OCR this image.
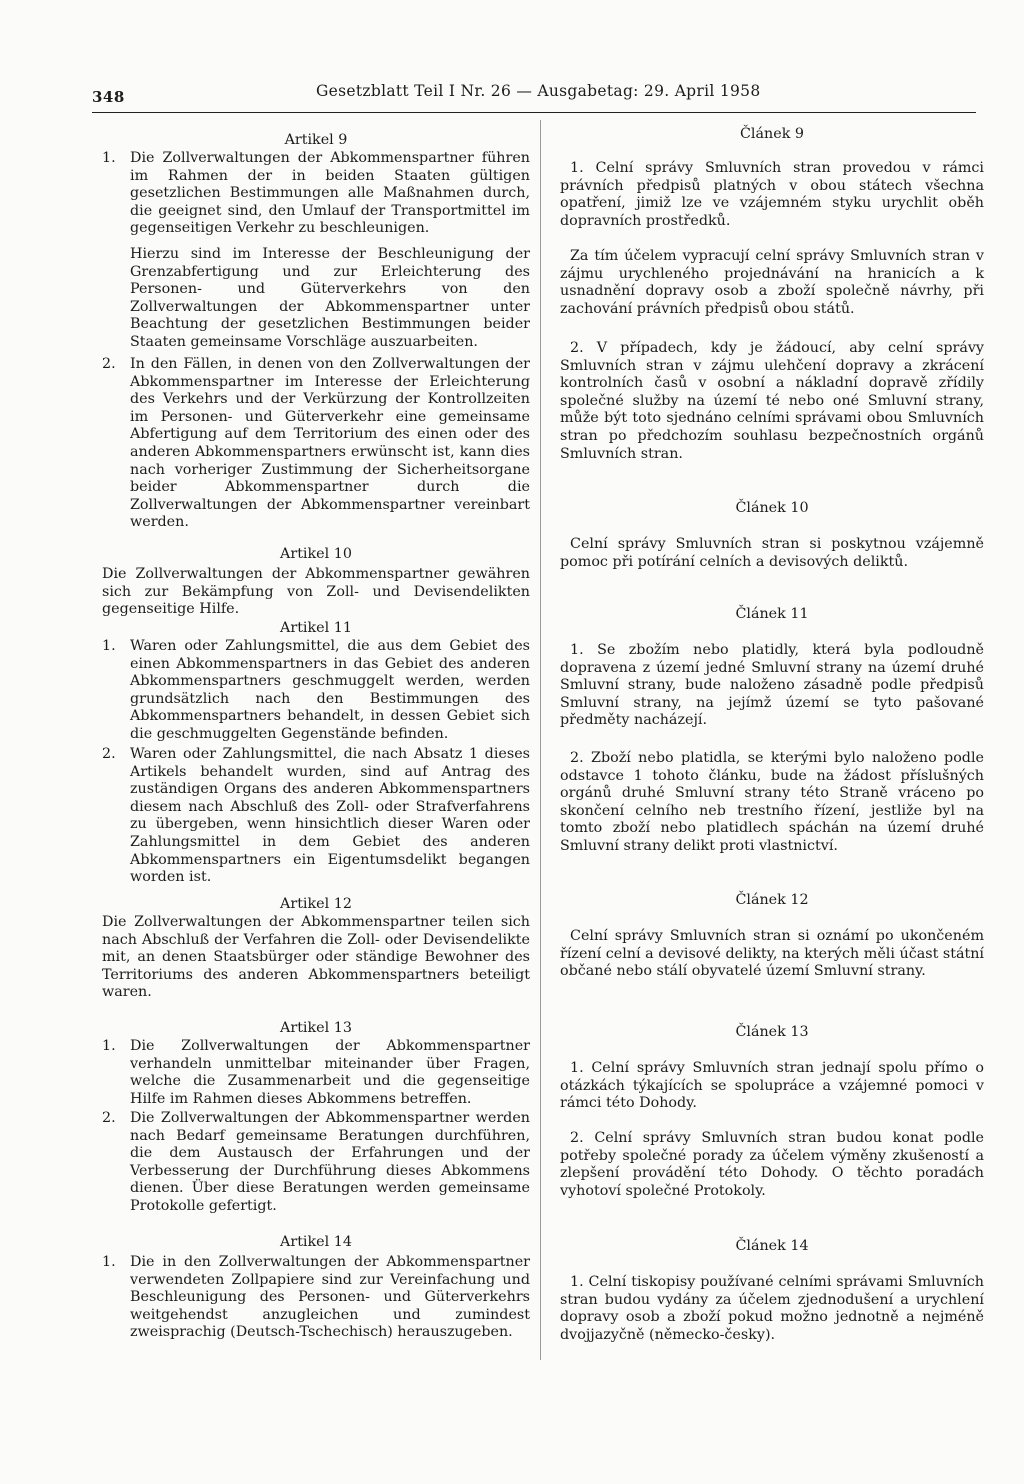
348	Gesetzblatt Teil I Nr. 26 — Ausgabetag: 29. April 1958
Artikel 9
1. Die Zollverwaltungen der Abkommenspartner führen im Rahmen der in beiden Staaten gültigen gesetzlichen Bestimmungen alle Maßnahmen durch, die geeignet sind, den Umlauf der Transportmittel im gegenseitigen Verkehr zu beschleunigen.
Hierzu sind im Interesse der Beschleunigung der Grenzabfertigung und zur Erleichterung des Personen- und Güterverkehrs von den Zollverwaltungen der Abkommenspartner unter Beachtung der gesetzlichen Bestimmungen beider Staaten gemeinsame Vorschläge auszuarbeiten.
2. In den Fällen, in denen von den Zollverwaltungen der Abkommenspartner im Interesse der Erleichterung des Verkehrs und der Verkürzung der Kontrollzeiten im Personen- und Güterverkehr eine gemeinsame Abfertigung auf dem Territorium des einen oder des anderen Abkommenspartners erwünscht ist, kann dies nach vorheriger Zustimmung der Sicherheitsorgane beider Abkommenspartner durch die Zollverwaltungen der Abkommenspartner vereinbart werden.
Artikel 10
Die Zollverwaltungen der Abkommenspartner gewähren sich zur Bekämpfung von Zoll- und Devisendelikten gegenseitige Hilfe.
Artikel 11
1. Waren oder Zahlungsmittel, die aus dem Gebiet des einen Abkommenspartners in das Gebiet des anderen Abkommenspartners geschmuggelt werden, werden grundsätzlich nach den Bestimmungen des Abkommenspartners behandelt, in dessen Gebiet sich die geschmuggelten Gegenstände befinden.
2. Waren oder Zahlungsmittel, die nach Absatz 1 dieses Artikels behandelt wurden, sind auf Antrag des zuständigen Organs des anderen Abkommenspartners diesem nach Abschluß des Zoll- oder Strafverfahrens zu übergeben, wenn hinsichtlich dieser Waren oder Zahlungsmittel in dem Gebiet des anderen Abkommenspartners ein Eigentumsdelikt begangen worden ist.
Artikel 12
Die Zollverwaltungen der Abkommenspartner teilen sich nach Abschluß der Verfahren die Zoll- oder Devisendelikte mit, an denen Staatsbürger oder ständige Bewohner des Territoriums des anderen Abkommenspartners beteiligt waren.
Artikel 13
1. Die Zollverwaltungen der Abkommenspartner verhandeln unmittelbar miteinander über Fragen, welche die Zusammenarbeit und die gegenseitige Hilfe im Rahmen dieses Abkommens betreffen.
2. Die Zollverwaltungen der Abkommenspartner werden nach Bedarf gemeinsame Beratungen durchführen, die dem Austausch der Erfahrungen und der Verbesserung der Durchführung dieses Abkommens dienen. Über diese Beratungen werden gemeinsame Protokolle gefertigt.
Artikel 14
1. Die in den Zollverwaltungen der Abkommenspartner verwendeten Zollpapiere sind zur Vereinfachung und Beschleunigung des Personen- und Güterverkehrs weitgehendst anzugleichen und zumindest zweisprachig (Deutsch-Tschechisch) herauszugeben.
Článek 9
1. Celní správy Smluvních stran provedou v rámci právních předpisů platných v obou státech všechna opatření, jimiž lze ve vzájemném styku urychlit oběh dopravních prostředků.
Za tím účelem vypracují celní správy Smluvních stran v zájmu urychleného projednávání na hranicích a k usnadnění dopravy osob a zboží společně návrhy, při zachování právních předpisů obou států.
2. V případech, kdy je žádoucí, aby celní správy Smluvních stran v zájmu ulehčení dopravy a zkrácení kontrolních časů v osobní a nákladní dopravě zřídily společné služby na území té nebo oné Smluvní strany, může být toto sjednáno celními správami obou Smluvních stran po předchozím souhlasu bezpečnostních orgánů Smluvních stran.
Článek 10
Celní správy Smluvních stran si poskytnou vzájemně pomoc při potírání celních a devisových deliktů.
Článek 11
1. Se zbožím nebo platidly, která byla podloudně dopravena z území jedné Smluvní strany na území druhé Smluvní strany, bude naloženo zásadně podle předpisů Smluvní strany, na jejímž území se tyto pašované předměty nacházejí.
2. Zboží nebo platidla, se kterými bylo naloženo podle odstavce 1 tohoto článku, bude na žádost příslušných orgánů druhé Smluvní strany této Straně vráceno po skončení celního neb trestního řízení, jestliže byl na tomto zboží nebo platidlech spáchán na území druhé Smluvní strany delikt proti vlastnictví.
Článek 12
Celní správy Smluvních stran si oznámí po ukončeném řízení celní a devisové delikty, na kterých měli účast státní občané nebo stálí obyvatelé území Smluvní strany.
Článek 13
1. Celní správy Smluvních stran jednají spolu přímo o otázkách týkajících se spolupráce a vzájemné pomoci v rámci této Dohody.
2. Celní správy Smluvních stran budou konat podle potřeby společné porady za účelem výměny zkušeností a zlepšení provádění této Dohody. O těchto poradách vyhotoví společné Protokoly.
Článek 14
1. Celní tiskopisy používané celními správami Smluvních stran budou vydány za účelem zjednodušení a urychlení dopravy osob a zboží pokud možno jednotně a nejméně dvojjazyčně (německo-česky).
